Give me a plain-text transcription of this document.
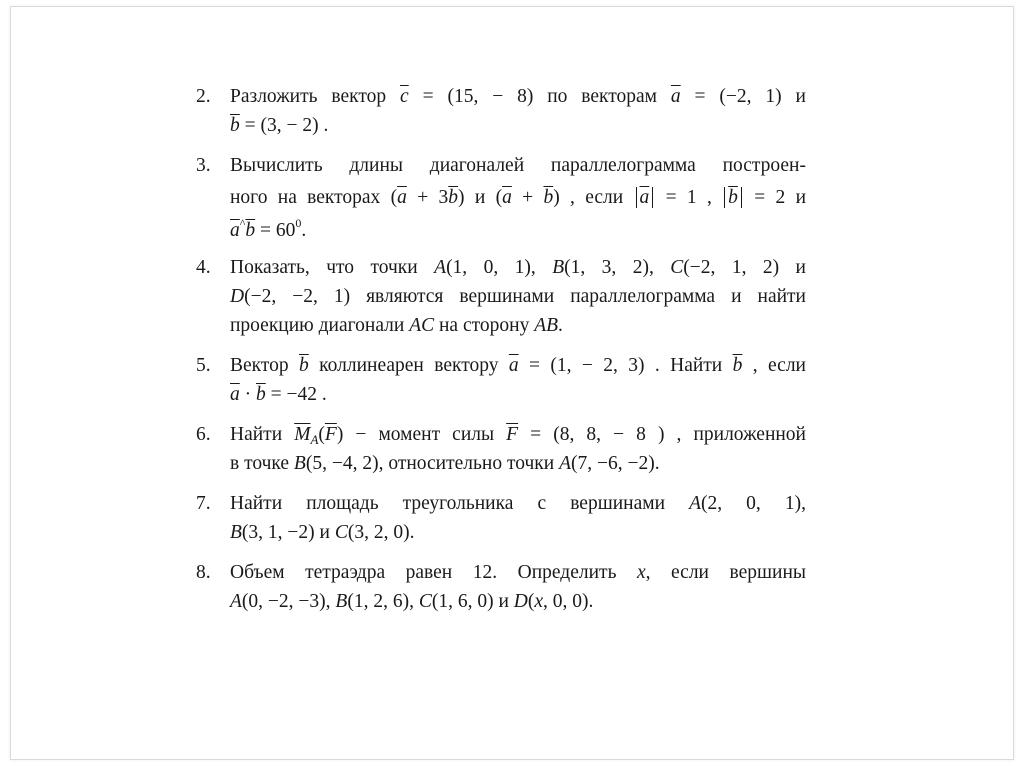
2. Разложить вектор $\overline{c} = (15$, − 8) по векторам $\overline{a} = (-2$, 1) и
$\overline{b} = (3$, − 2) .
3. Вычислить длины диагоналей параллелограмма построен-
ного на векторах $(\overline{a} + 3\overline{b})$ и $(\overline{a} + \overline{b})$ , если $\overline{a} = 1$ , $\overline{b} = 2$ и
$\overline{a}^{\^{}}\overline{b} = 60^0$.
4. Показать, что точки A(1, 0, 1), B(1, 3, 2), C(−2, 1, 2) и
D(−2, −2, 1) являются вершинами параллелограмма и найти
проекцию диагонали AC на сторону AB.
5. Вектор $\overline{b}$ коллинеарен вектору $\overline{a} = (1$, − 2, 3) . Найти $\overline{b}$ , если
$\overline{a} \cdot \overline{b} = -42$ .
6. Найти $\overline{M}_A(\overline{F})$ − момент силы $\overline{F} = (8$, 8, − 8 ) , приложенной
в точке B(5, −4, 2), относительно точки A(7, −6, −2).
7. Найти площадь треугольника с вершинами A(2, 0, 1),
B(3, 1, −2) и C(3, 2, 0).
8. Объем тетраэдра равен 12. Определить x, если вершины
A(0, −2, −3), B(1, 2, 6), C(1, 6, 0) и D(x, 0, 0).
